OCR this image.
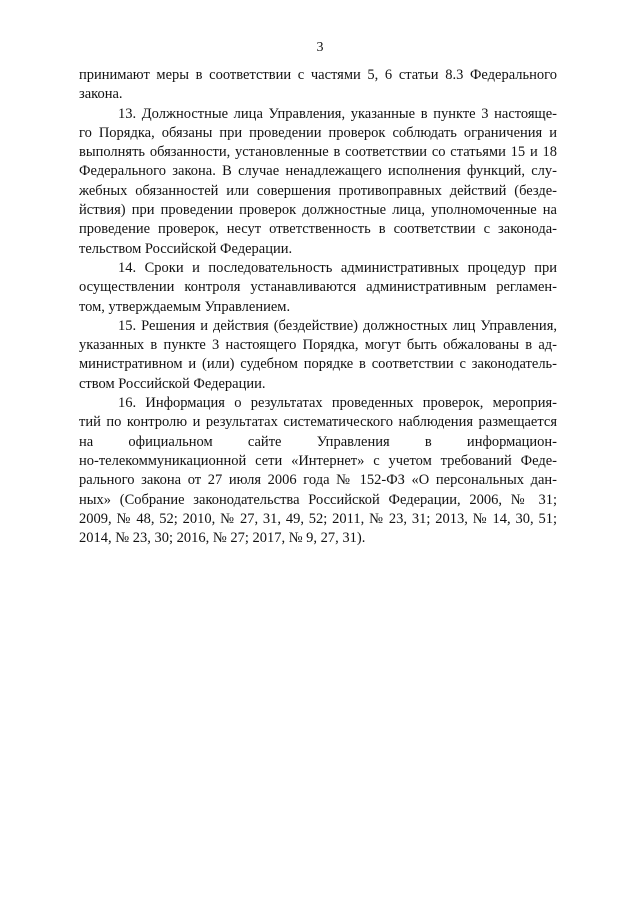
3

принимают меры в соответствии с частями 5, 6 статьи 8.3 Федерального
закона.

13. Должностные лица Управления, указанные в пункте 3 настояще-
го Порядка, обязаны при проведении проверок соблюдать ограничения и
выполнять обязанности, установленные в соответствии со статьями 15 и 18
Федерального закона. В случае ненадлежащего исполнения функций, слу-
жебных обязанностей или совершения противоправных действий (безде-
йствия) при проведении проверок должностные лица, уполномоченные на
проведение проверок, несут ответственность в соответствии с законода-
тельством Российской Федерации.

14. Сроки и последовательность административных процедур при
осуществлении контроля устанавливаются административным регламен-
том, утверждаемым Управлением.

15. Решения и действия (бездействие) должностных лиц Управления,
указанных в пункте 3 настоящего Порядка, могут быть обжалованы в ад-
министративном и (или) судебном порядке в соответствии с законодатель-
ством Российской Федерации.

16. Информация о результатах проведенных проверок, мероприя-
тий по контролю и результатах систематического наблюдения размещается
на официальном сайте Управления в информацион-
но-телекоммуникационной сети «Интернет» с учетом требований Феде-
рального закона от 27 июля 2006 года № 152-ФЗ «О персональных дан-
ных» (Собрание законодательства Российской Федерации, 2006, № 31;
2009, № 48, 52; 2010, № 27, 31, 49, 52; 2011, № 23, 31; 2013, № 14, 30, 51;
2014, № 23, 30; 2016, № 27; 2017, № 9, 27, 31).
